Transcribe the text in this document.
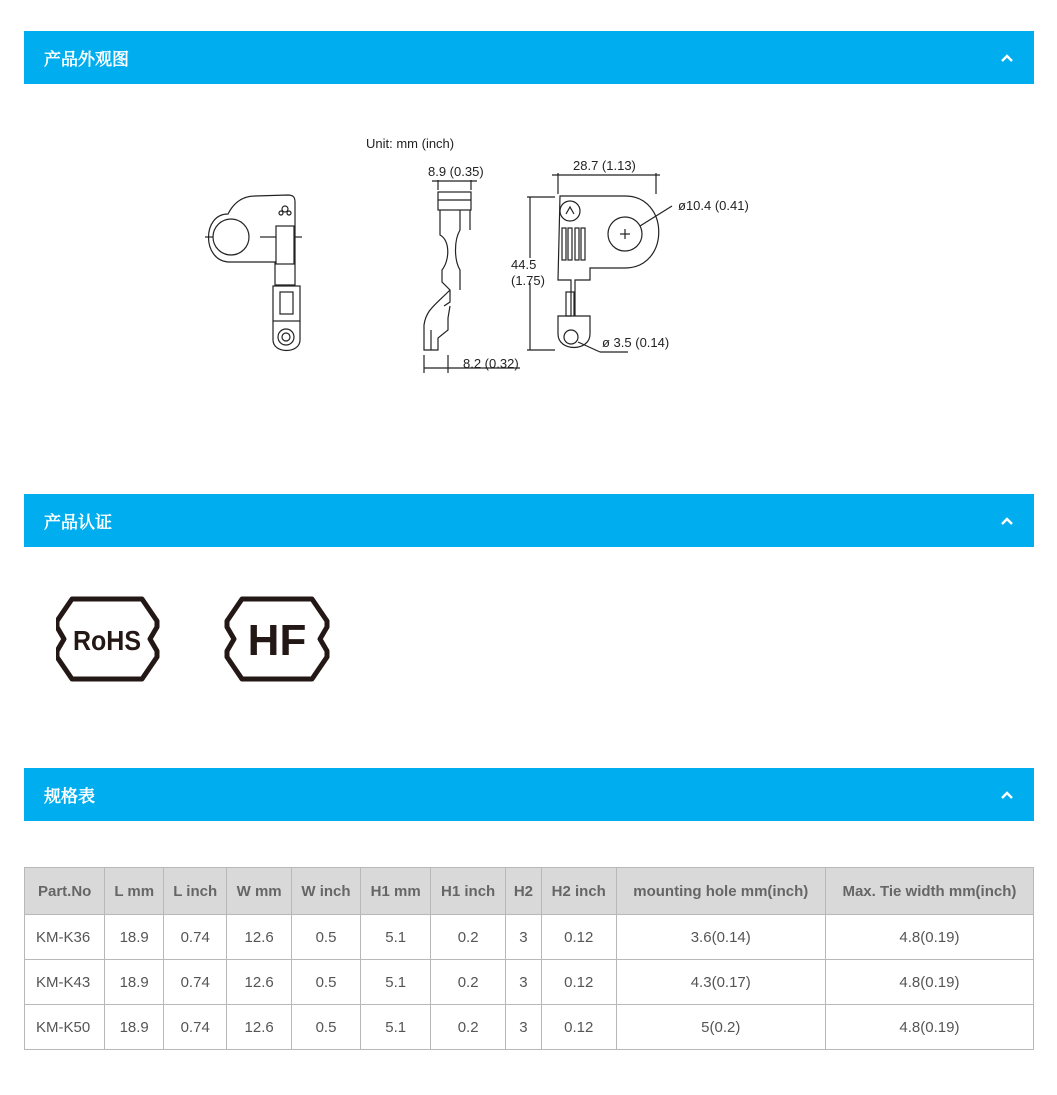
产品外观图
Unit: mm (inch)
8.9 (0.35)
8.2 (0.32)
28.7 (1.13)
44.5
(1.75)
ø10.4 (0.41)
ø 3.5 (0.14)
产品认证
RoHS HF
规格表
Part.No	L mm	L inch	W mm	W inch	H1 mm	H1 inch	H2	H2 inch	mounting hole mm(inch)	Max. Tie width mm(inch)
KM-K36	18.9	0.74	12.6	0.5	5.1	0.2	3	0.12	3.6(0.14)	4.8(0.19)
KM-K43	18.9	0.74	12.6	0.5	5.1	0.2	3	0.12	4.3(0.17)	4.8(0.19)
KM-K50	18.9	0.74	12.6	0.5	5.1	0.2	3	0.12	5(0.2)	4.8(0.19)
